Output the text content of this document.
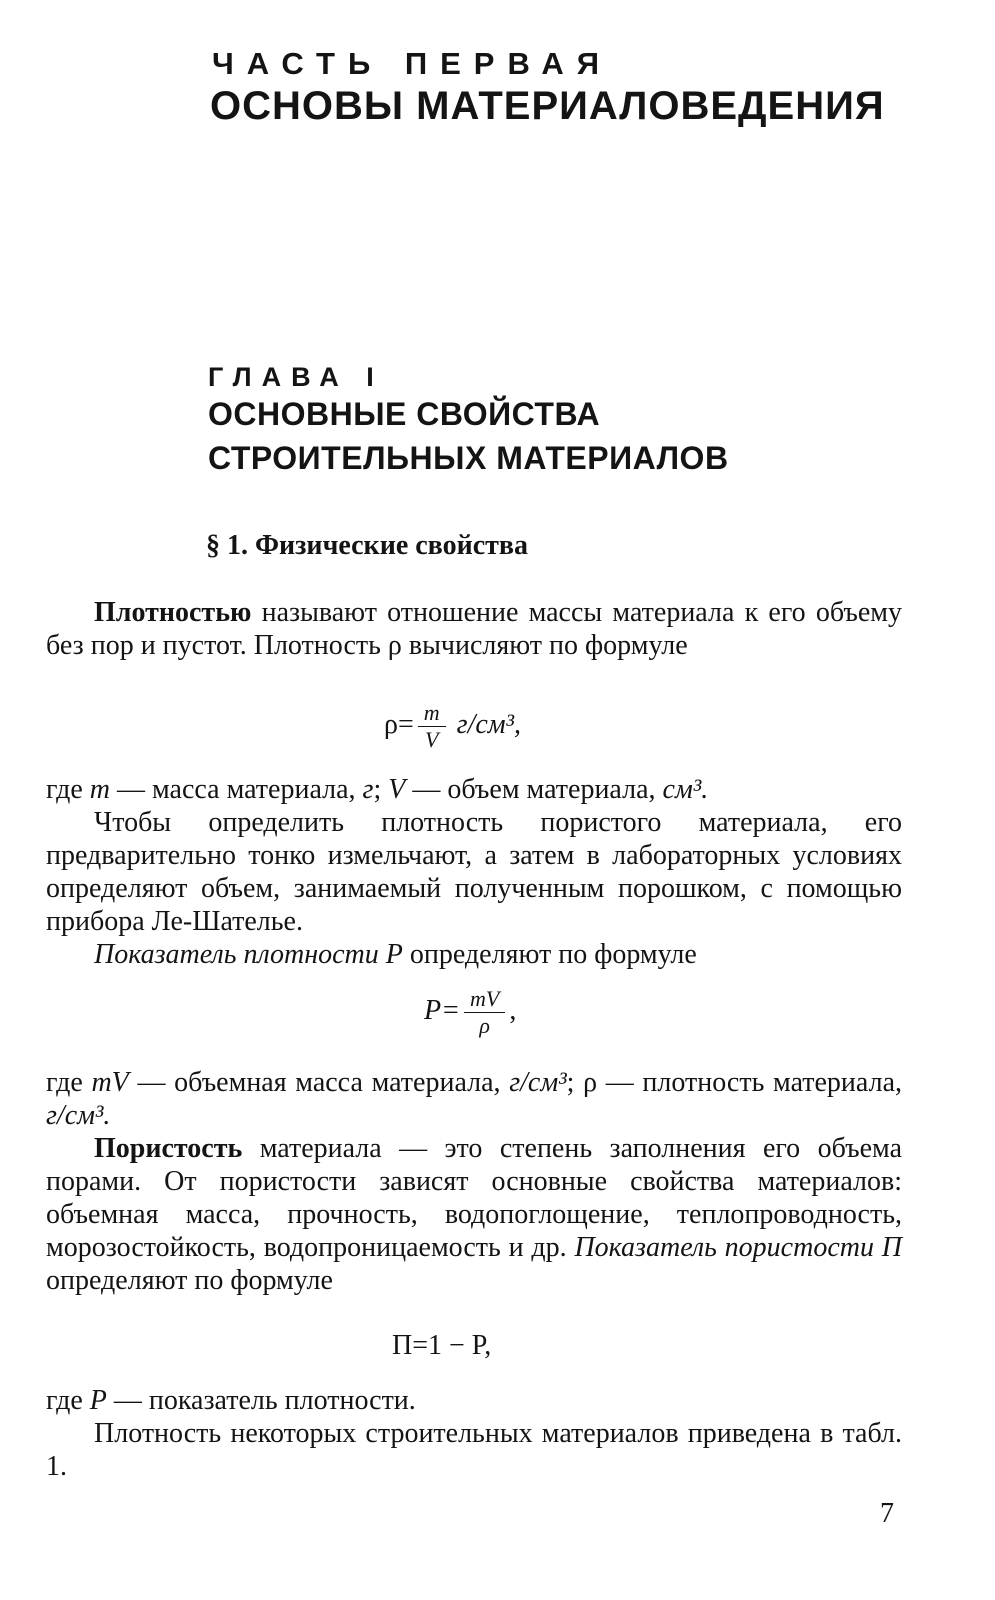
ЧАСТЬ ПЕРВАЯ
ОСНОВЫ МАТЕРИАЛОВЕДЕНИЯ
ГЛАВА I
ОСНОВНЫЕ СВОЙСТВА
СТРОИТЕЛЬНЫХ МАТЕРИАЛОВ
§ 1. Физические свойства
Плотностью называют отношение массы материала к его объему без пор и пустот. Плотность ρ вычисляют по формуле
$\rho= \frac{m}{V} г/см^3$,
где m — масса материала, г; V — объем материала, см³.
Чтобы определить плотность пористого материала, его предварительно тонко измельчают, а затем в лабораторных условиях определяют объем, занимаемый полученным порошком, с помощью прибора Ле-Шателье.
Показатель плотности P определяют по формуле
$P= \frac{mV}{\rho}$ ,
где mV — объемная масса материала, г/см³; ρ — плотность материала, г/см³.
Пористость материала — это степень заполнения его объема порами. От пористости зависят основные свойства материалов: объемная масса, прочность, водопоглощение, теплопроводность, морозостойкость, водопроницаемость и др. Показатель пористости П определяют по формуле
П=1 − P,
где P — показатель плотности.
Плотность некоторых строительных материалов приведена в табл. 1.
7
